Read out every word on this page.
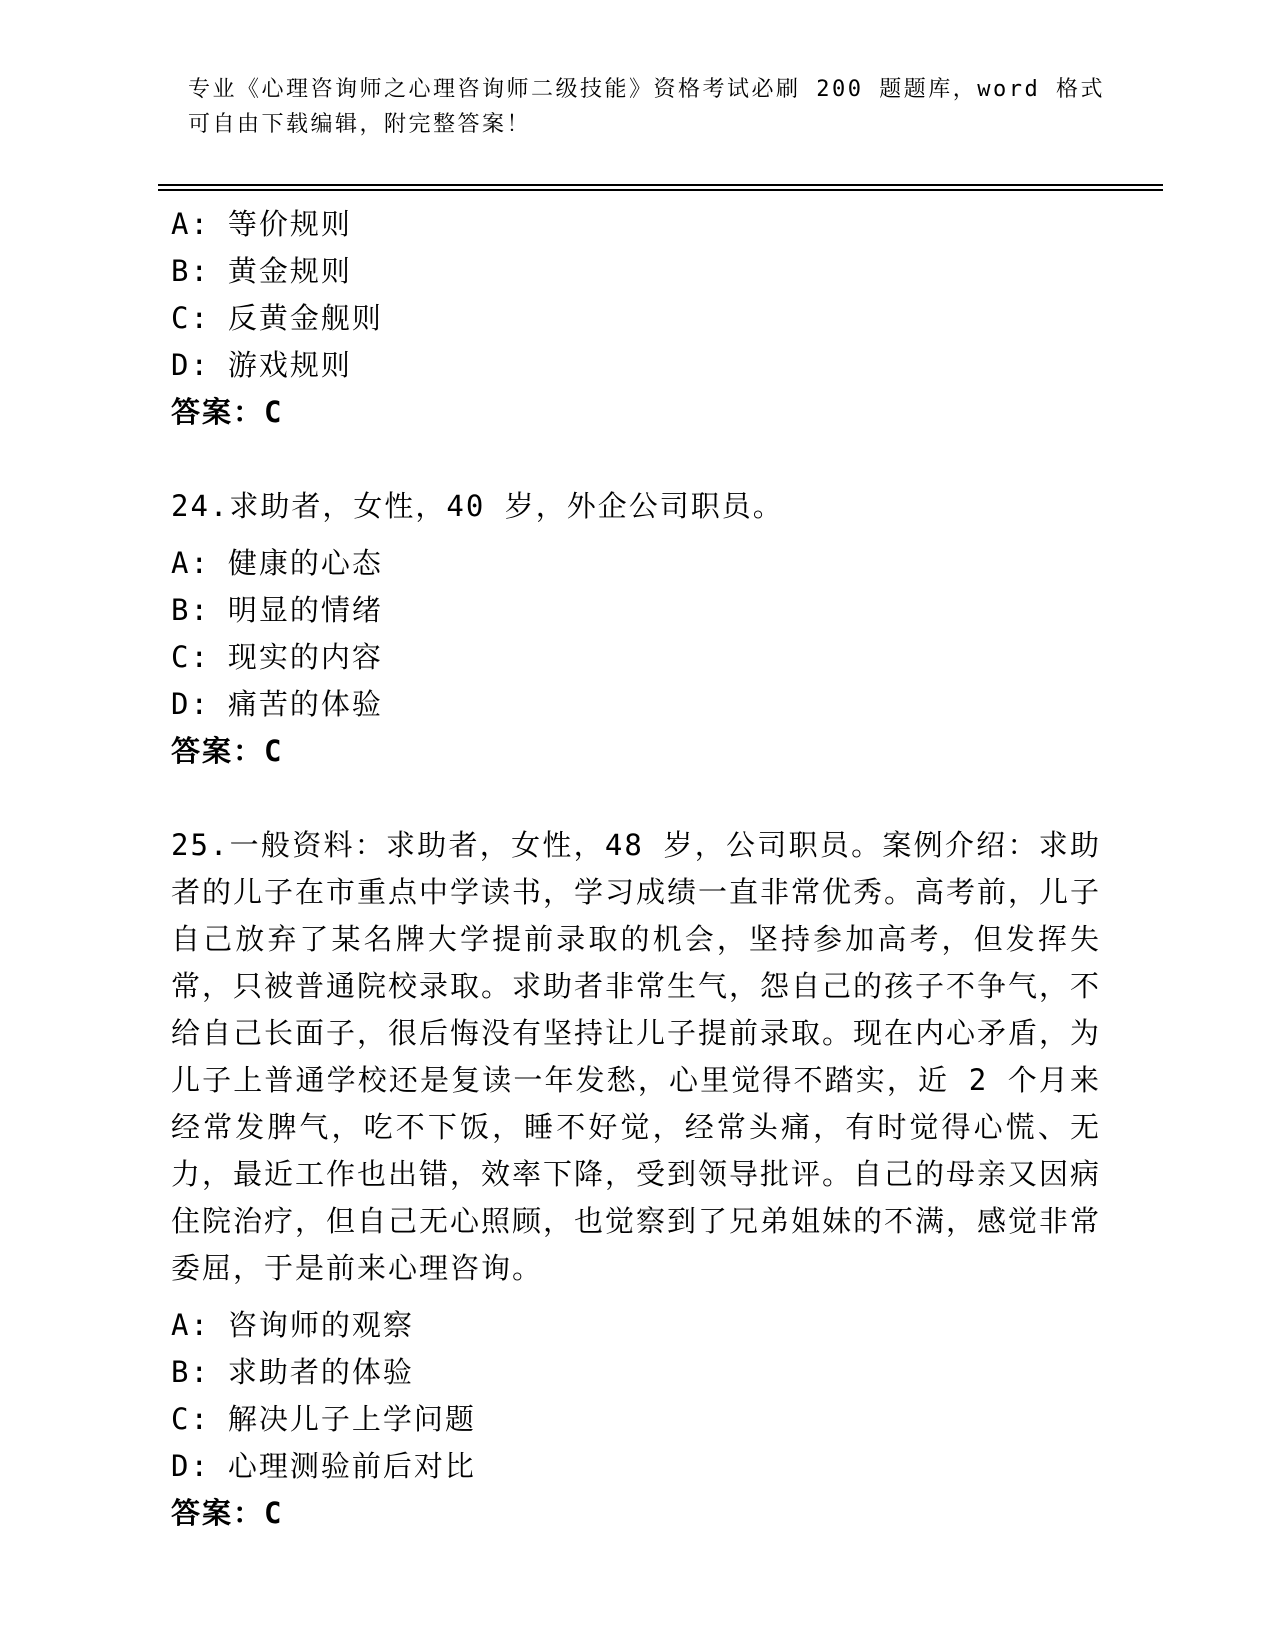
专业《心理咨询师之心理咨询师二级技能》资格考试必刷 200 题题库，word 格式

可自由下载编辑，附完整答案！

A: 等价规则

B: 黄金规则

C: 反黄金舰则

D: 游戏规则

答案：C

24.求助者，女性，40 岁，外企公司职员。

A: 健康的心态

B: 明显的情绪

C: 现实的内容

D: 痛苦的体验

答案：C

25.一般资料：求助者，女性，48 岁，公司职员。案例介绍：求助者的儿子在市重点中学读书，学习成绩一直非常优秀。高考前，儿子自己放弃了某名牌大学提前录取的机会，坚持参加高考，但发挥失常，只被普通院校录取。求助者非常生气，怨自己的孩子不争气，不给自己长面子，很后悔没有坚持让儿子提前录取。现在内心矛盾，为儿子上普通学校还是复读一年发愁，心里觉得不踏实，近 2 个月来经常发脾气，吃不下饭，睡不好觉，经常头痛，有时觉得心慌、无力，最近工作也出错，效率下降，受到领导批评。自己的母亲又因病住院治疗，但自己无心照顾，也觉察到了兄弟姐妹的不满，感觉非常委屈，于是前来心理咨询。

A: 咨询师的观察

B: 求助者的体验

C: 解决儿子上学问题

D: 心理测验前后对比

答案：C
